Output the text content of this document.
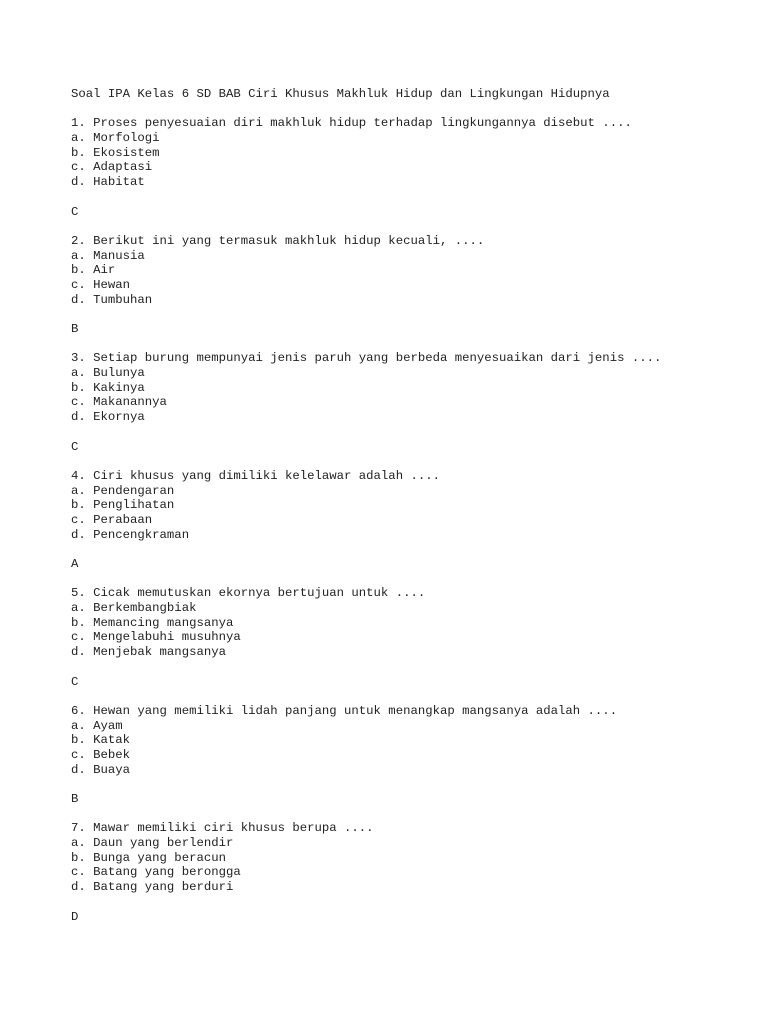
Soal IPA Kelas 6 SD BAB Ciri Khusus Makhluk Hidup dan Lingkungan Hidupnya
1. Proses penyesuaian diri makhluk hidup terhadap lingkungannya disebut ....
a. Morfologi
b. Ekosistem
c. Adaptasi
d. Habitat
C
2. Berikut ini yang termasuk makhluk hidup kecuali, ....
a. Manusia
b. Air
c. Hewan
d. Tumbuhan
B
3. Setiap burung mempunyai jenis paruh yang berbeda menyesuaikan dari jenis ....
a. Bulunya
b. Kakinya
c. Makanannya
d. Ekornya
C
4. Ciri khusus yang dimiliki kelelawar adalah ....
a. Pendengaran
b. Penglihatan
c. Perabaan
d. Pencengkraman
A
5. Cicak memutuskan ekornya bertujuan untuk ....
a. Berkembangbiak
b. Memancing mangsanya
c. Mengelabuhi musuhnya
d. Menjebak mangsanya
C
6. Hewan yang memiliki lidah panjang untuk menangkap mangsanya adalah ....
a. Ayam
b. Katak
c. Bebek
d. Buaya
B
7. Mawar memiliki ciri khusus berupa ....
a. Daun yang berlendir
b. Bunga yang beracun
c. Batang yang berongga
d. Batang yang berduri
D
